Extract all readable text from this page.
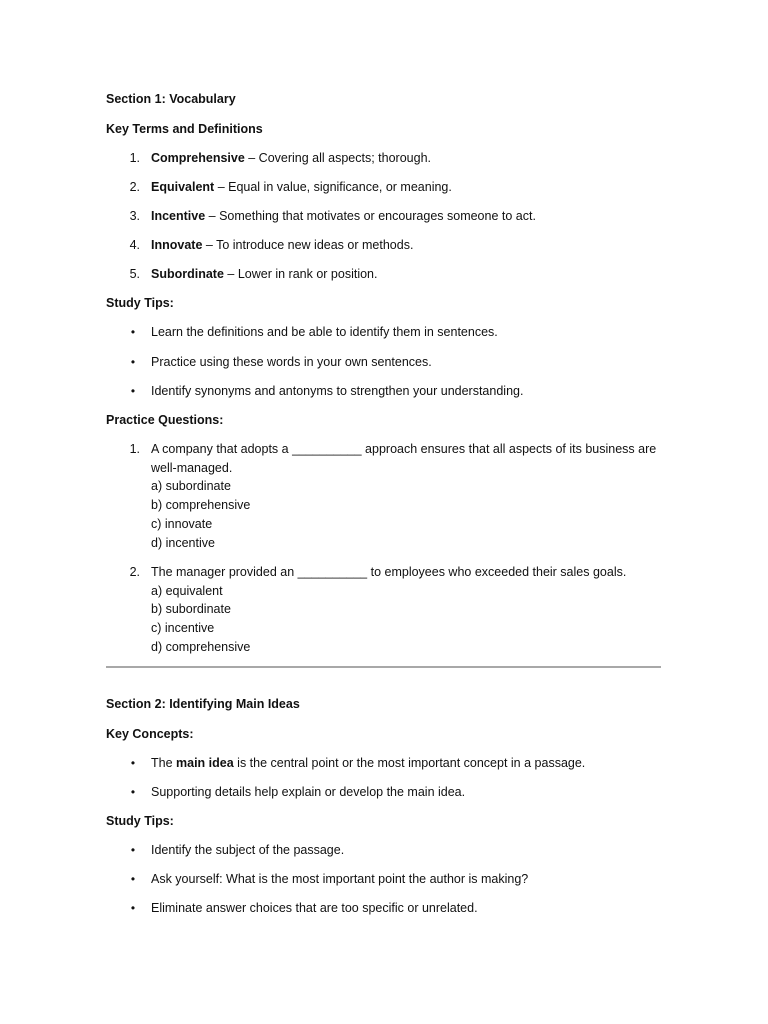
Section 1: Vocabulary
Key Terms and Definitions
1. Comprehensive – Covering all aspects; thorough.
2. Equivalent – Equal in value, significance, or meaning.
3. Incentive – Something that motivates or encourages someone to act.
4. Innovate – To introduce new ideas or methods.
5. Subordinate – Lower in rank or position.
Study Tips:
• Learn the definitions and be able to identify them in sentences.
• Practice using these words in your own sentences.
• Identify synonyms and antonyms to strengthen your understanding.
Practice Questions:
1. A company that adopts a __________ approach ensures that all aspects of its business are
well-managed.
a) subordinate
b) comprehensive
c) innovate
d) incentive
2. The manager provided an __________ to employees who exceeded their sales goals.
a) equivalent
b) subordinate
c) incentive
d) comprehensive
Section 2: Identifying Main Ideas
Key Concepts:
• The main idea is the central point or the most important concept in a passage.
• Supporting details help explain or develop the main idea.
Study Tips:
• Identify the subject of the passage.
• Ask yourself: What is the most important point the author is making?
• Eliminate answer choices that are too specific or unrelated.
